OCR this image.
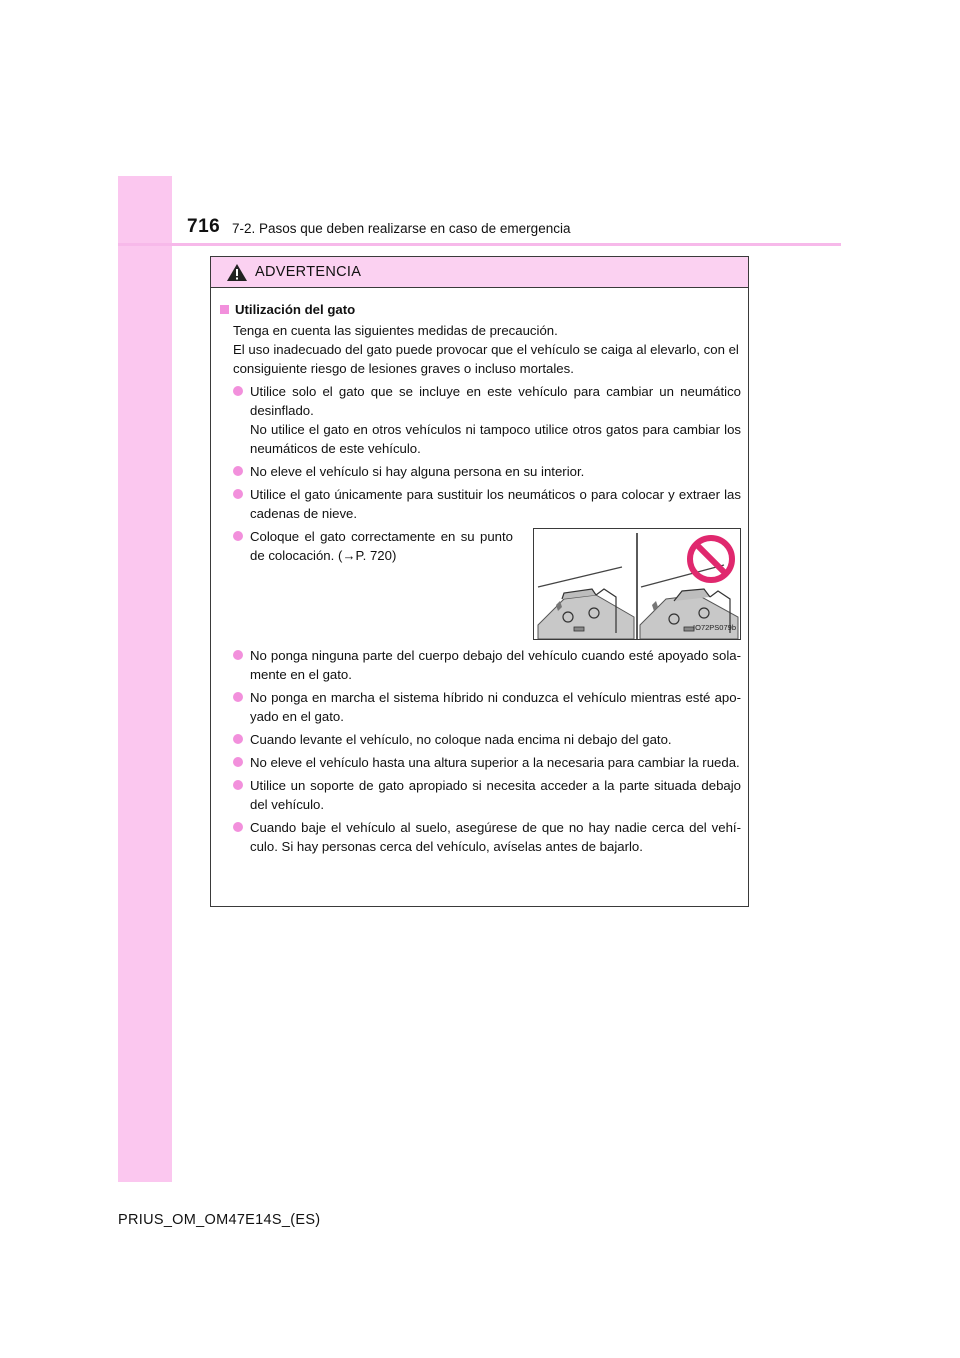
716 7-2. Pasos que deben realizarse en caso de emergencia
ADVERTENCIA
Utilización del gato

Tenga en cuenta las siguientes medidas de precaución.

El uso inadecuado del gato puede provocar que el vehículo se caiga al elevarlo, con el consiguiente riesgo de lesiones graves o incluso mortales.

Utilice solo el gato que se incluye en este vehículo para cambiar un neumático desinflado.

No utilice el gato en otros vehículos ni tampoco utilice otros gatos para cambiar los neumáticos de este vehículo.

No eleve el vehículo si hay alguna persona en su interior.

Utilice el gato únicamente para sustituir los neumáticos o para colocar y extraer las cadenas de nieve.

Coloque el gato correctamente en su punto de colocación. (→P. 720)

IO72PS079b

No ponga ninguna parte del cuerpo debajo del vehículo cuando esté apoyado sola-mente en el gato.

No ponga en marcha el sistema híbrido ni conduzca el vehículo mientras esté apo-yado en el gato.

Cuando levante el vehículo, no coloque nada encima ni debajo del gato.

No eleve el vehículo hasta una altura superior a la necesaria para cambiar la rueda.

Utilice un soporte de gato apropiado si necesita acceder a la parte situada debajo del vehículo.

Cuando baje el vehículo al suelo, asegúrese de que no hay nadie cerca del vehí-culo. Si hay personas cerca del vehículo, avíselas antes de bajarlo.

PRIUS_OM_OM47E14S_(ES)
